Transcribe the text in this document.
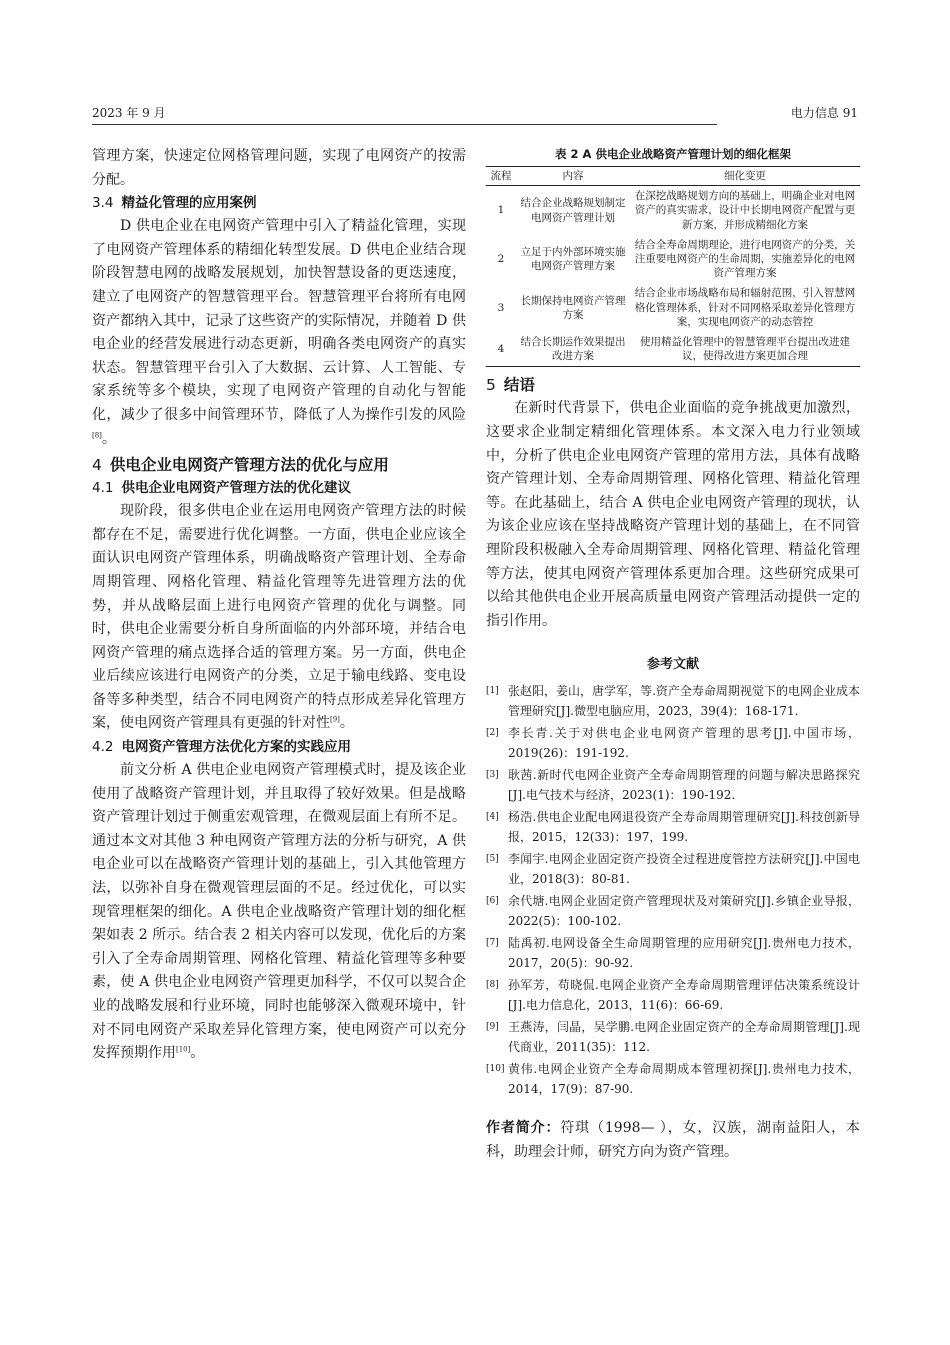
2023 年 9 月	电力信息 91

管理方案，快速定位网格管理问题，实现了电网资产的按需分配。

3.4 精益化管理的应用案例

D 供电企业在电网资产管理中引入了精益化管理，实现了电网资产管理体系的精细化转型发展。D 供电企业结合现阶段智慧电网的战略发展规划，加快智慧设备的更迭速度，建立了电网资产的智慧管理平台。智慧管理平台将所有电网资产都纳入其中，记录了这些资产的实际情况，并随着 D 供电企业的经营发展进行动态更新，明确各类电网资产的真实状态。智慧管理平台引入了大数据、云计算、人工智能、专家系统等多个模块，实现了电网资产管理的自动化与智能化，减少了很多中间管理环节，降低了人为操作引发的风险[8]。

4 供电企业电网资产管理方法的优化与应用
4.1 供电企业电网资产管理方法的优化建议

现阶段，很多供电企业在运用电网资产管理方法的时候都存在不足，需要进行优化调整。一方面，供电企业应该全面认识电网资产管理体系，明确战略资产管理计划、全寿命周期管理、网格化管理、精益化管理等先进管理方法的优势，并从战略层面上进行电网资产管理的优化与调整。同时，供电企业需要分析自身所面临的内外部环境，并结合电网资产管理的痛点选择合适的管理方案。另一方面，供电企业后续应该进行电网资产的分类，立足于输电线路、变电设备等多种类型，结合不同电网资产的特点形成差异化管理方案，使电网资产管理具有更强的针对性[9]。

4.2 电网资产管理方法优化方案的实践应用

前文分析 A 供电企业电网资产管理模式时，提及该企业使用了战略资产管理计划，并且取得了较好效果。但是战略资产管理计划过于侧重宏观管理，在微观层面上有所不足。通过本文对其他 3 种电网资产管理方法的分析与研究，A 供电企业可以在战略资产管理计划的基础上，引入其他管理方法，以弥补自身在微观管理层面的不足。经过优化，可以实现管理框架的细化。A 供电企业战略资产管理计划的细化框架如表 2 所示。结合表 2 相关内容可以发现，优化后的方案引入了全寿命周期管理、网格化管理、精益化管理等多种要素，使 A 供电企业电网资产管理更加科学，不仅可以契合企业的战略发展和行业环境，同时也能够深入微观环境中，针对不同电网资产采取差异化管理方案，使电网资产可以充分发挥预期作用[10]。

表 2 A 供电企业战略资产管理计划的细化框架
流程	内容	细化变更
1	结合企业战略规划制定电网资产管理计划	在深挖战略规划方向的基础上，明确企业对电网资产的真实需求，设计中长期电网资产配置与更新方案，并形成精细化方案
2	立足于内外部环境实施电网资产管理方案	结合全寿命周期理论，进行电网资产的分类，关注重要电网资产的生命周期，实施差异化的电网资产管理方案
3	长期保持电网资产管理方案	结合企业市场战略布局和辐射范围，引入智慧网格化管理体系，针对不同网格采取差异化管理方案，实现电网资产的动态管控
4	结合长期运作效果提出改进方案	使用精益化管理中的智慧管理平台提出改进建议，使得改进方案更加合理
5 结语

在新时代背景下，供电企业面临的竞争挑战更加激烈，这要求企业制定精细化管理体系。本文深入电力行业领域中，分析了供电企业电网资产管理的常用方法，具体有战略资产管理计划、全寿命周期管理、网格化管理、精益化管理等。在此基础上，结合 A 供电企业电网资产管理的现状，认为该企业应该在坚持战略资产管理计划的基础上，在不同管理阶段积极融入全寿命周期管理、网格化管理、精益化管理等方法，使其电网资产管理体系更加合理。这些研究成果可以给其他供电企业开展高质量电网资产管理活动提供一定的指引作用。

参考文献
[1] 张赵阳，姜山，唐学军，等.资产全寿命周期视觉下的电网企业成本管理研究[J].微型电脑应用，2023，39(4)：168-171.
[2] 李长青.关于对供电企业电网资产管理的思考[J].中国市场，2019(26)：191-192.
[3] 耿茜.新时代电网企业资产全寿命周期管理的问题与解决思路探究[J].电气技术与经济，2023(1)：190-192.
[4] 杨浩.供电企业配电网退役资产全寿命周期管理研究[J].科技创新导报，2015，12(33)：197，199.
[5] 李闻宇.电网企业固定资产投资全过程进度管控方法研究[J].中国电业，2018(3)：80-81.
[6] 余代塘.电网企业固定资产管理现状及对策研究[J].乡镇企业导报，2022(5)：100-102.
[7] 陆禹初.电网设备全生命周期管理的应用研究[J].贵州电力技术，2017，20(5)：90-92.
[8] 孙军芳，苟晓侃.电网企业资产全寿命周期管理评估决策系统设计[J].电力信息化，2013，11(6)：66-69.
[9] 王燕涛，闫晶，吴学鹏.电网企业固定资产的全寿命周期管理[J].现代商业，2011(35)：112.
[10] 黄伟.电网企业资产全寿命周期成本管理初探[J].贵州电力技术，2014，17(9)：87-90.

作者简介：符琪（1998— ），女，汉族，湖南益阳人，本科，助理会计师，研究方向为资产管理。
